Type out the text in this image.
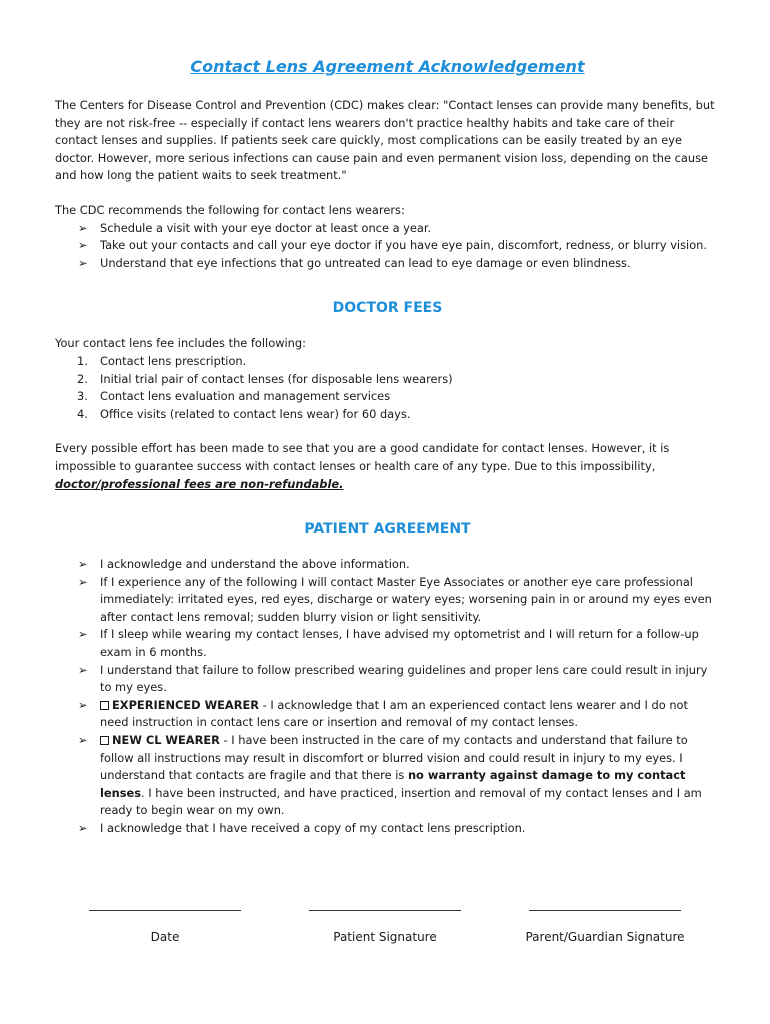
Contact Lens Agreement Acknowledgement

The Centers for Disease Control and Prevention (CDC) makes clear: "Contact lenses can provide many benefits, but they are not risk-free -- especially if contact lens wearers don't practice healthy habits and take care of their contact lenses and supplies. If patients seek care quickly, most complications can be easily treated by an eye doctor. However, more serious infections can cause pain and even permanent vision loss, depending on the cause and how long the patient waits to seek treatment."

The CDC recommends the following for contact lens wearers:

➢ Schedule a visit with your eye doctor at least once a year.
➢ Take out your contacts and call your eye doctor if you have eye pain, discomfort, redness, or blurry vision.
➢ Understand that eye infections that go untreated can lead to eye damage or even blindness.
DOCTOR FEES

Your contact lens fee includes the following:

1. Contact lens prescription.
2. Initial trial pair of contact lenses (for disposable lens wearers)
3. Contact lens evaluation and management services
4. Office visits (related to contact lens wear) for 60 days.

Every possible effort has been made to see that you are a good candidate for contact lenses. However, it is impossible to guarantee success with contact lenses or health care of any type. Due to this impossibility,
doctor/professional fees are non-refundable.

PATIENT AGREEMENT
➢ I acknowledge and understand the above information.
➢ If I experience any of the following I will contact Master Eye Associates or another eye care professional immediately: irritated eyes, red eyes, discharge or watery eyes; worsening pain in or around my eyes even after contact lens removal; sudden blurry vision or light sensitivity.
➢ If I sleep while wearing my contact lenses, I have advised my optometrist and I will return for a follow-up exam in 6 months.
➢ I understand that failure to follow prescribed wearing guidelines and proper lens care could result in injury to my eyes.
➢ EXPERIENCED WEARER - I acknowledge that I am an experienced contact lens wearer and I do not need instruction in contact lens care or insertion and removal of my contact lenses.
➢ NEW CL WEARER - I have been instructed in the care of my contacts and understand that failure to follow all instructions may result in discomfort or blurred vision and could result in injury to my eyes. I understand that contacts are fragile and that there is no warranty against damage to my contact lenses. I have been instructed, and have practiced, insertion and removal of my contact lenses and I am ready to begin wear on my own.
➢ I acknowledge that I have received a copy of my contact lens prescription.
Date	Patient Signature	Parent/Guardian Signature
